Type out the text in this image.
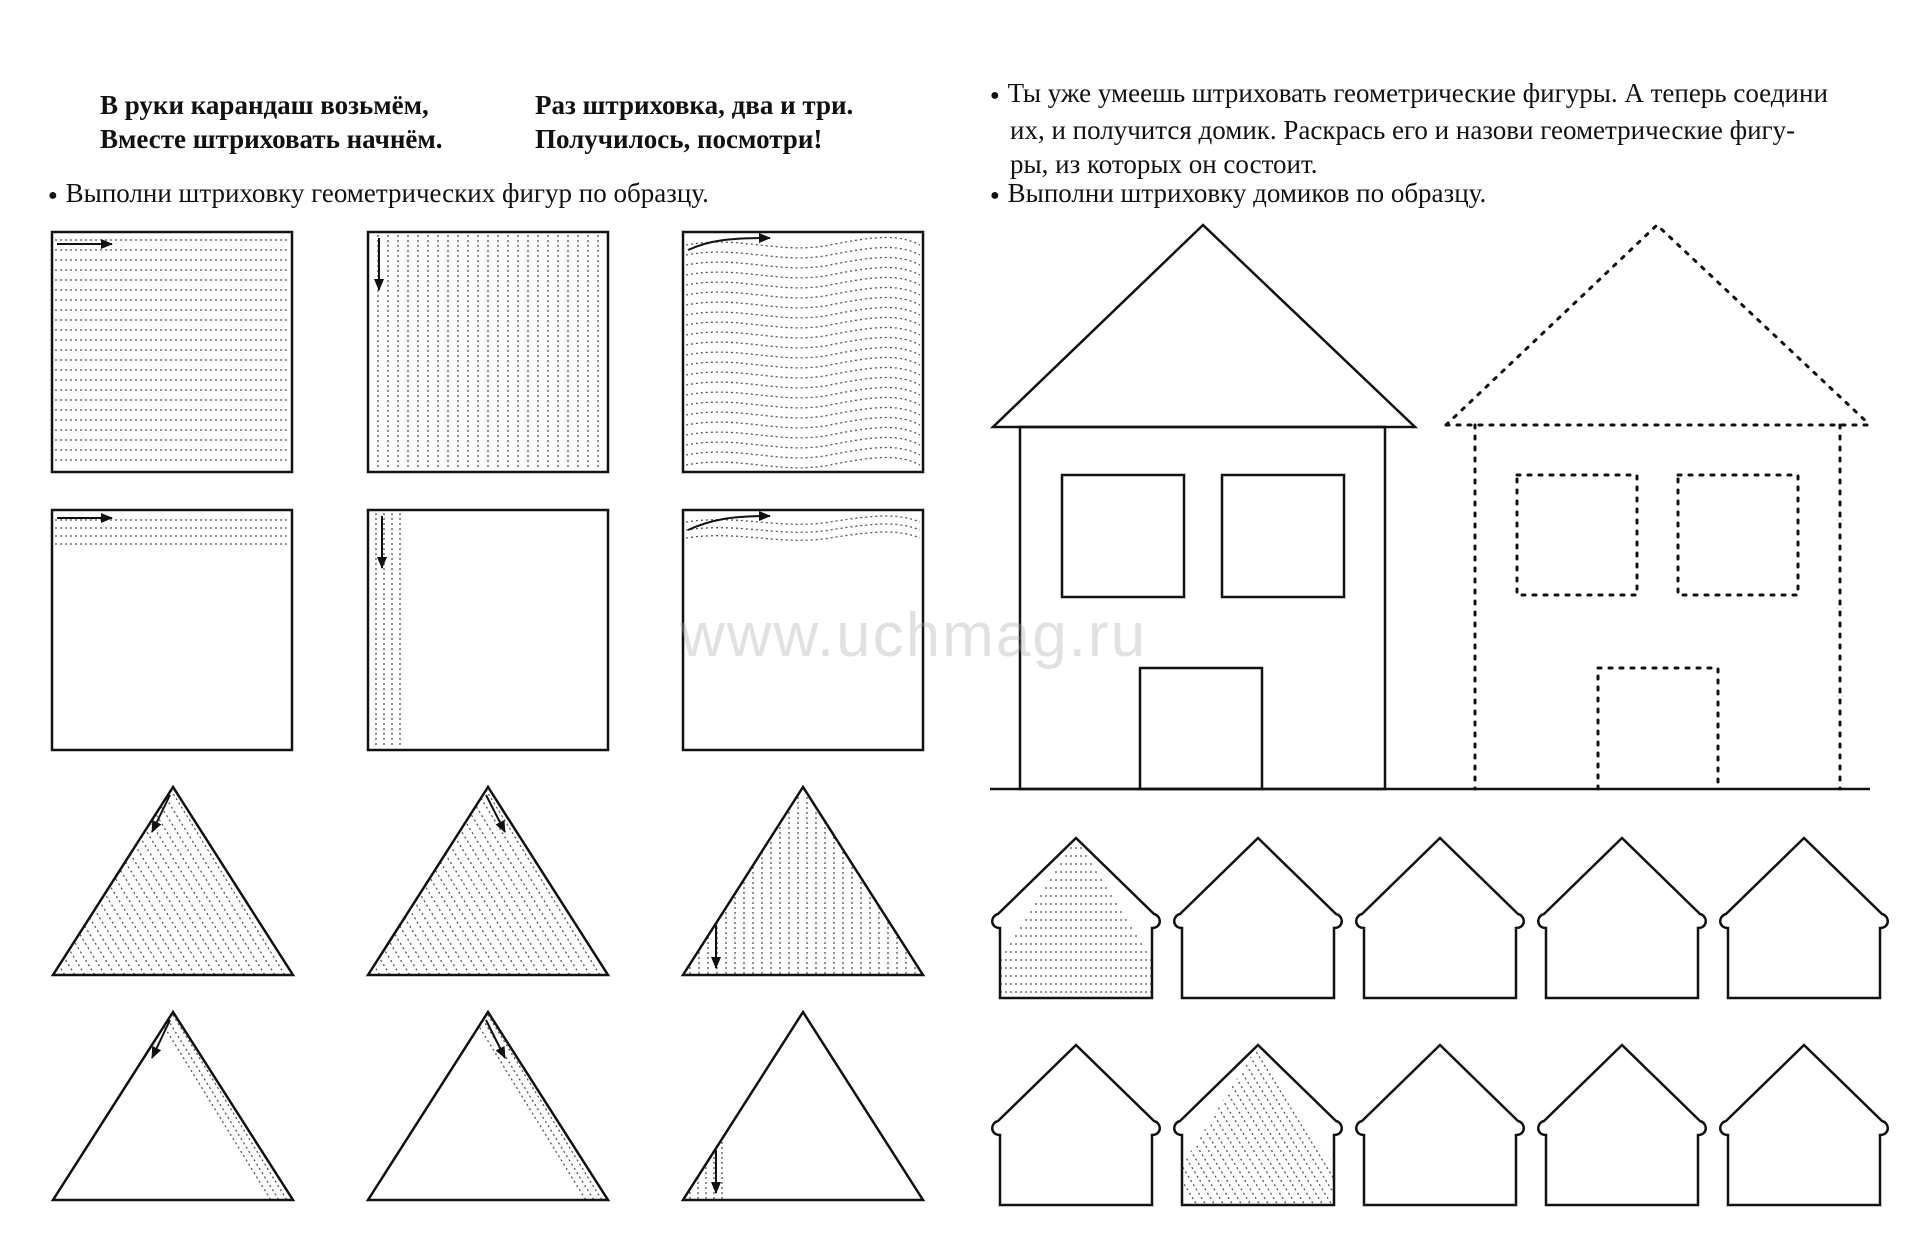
В руки карандаш возьмём,
Вместе штриховать начнём.
Раз штриховка, два и три.
Получилось, посмотри!
● Выполни штриховку геометрических фигур по образцу.
● Ты уже умеешь штриховать геометрические фигуры. А теперь соедини
их, и получится домик. Раскрась его и назови геометрические фигу-
ры, из которых он состоит.
● Выполни штриховку домиков по образцу.
www.uchmag.ru
